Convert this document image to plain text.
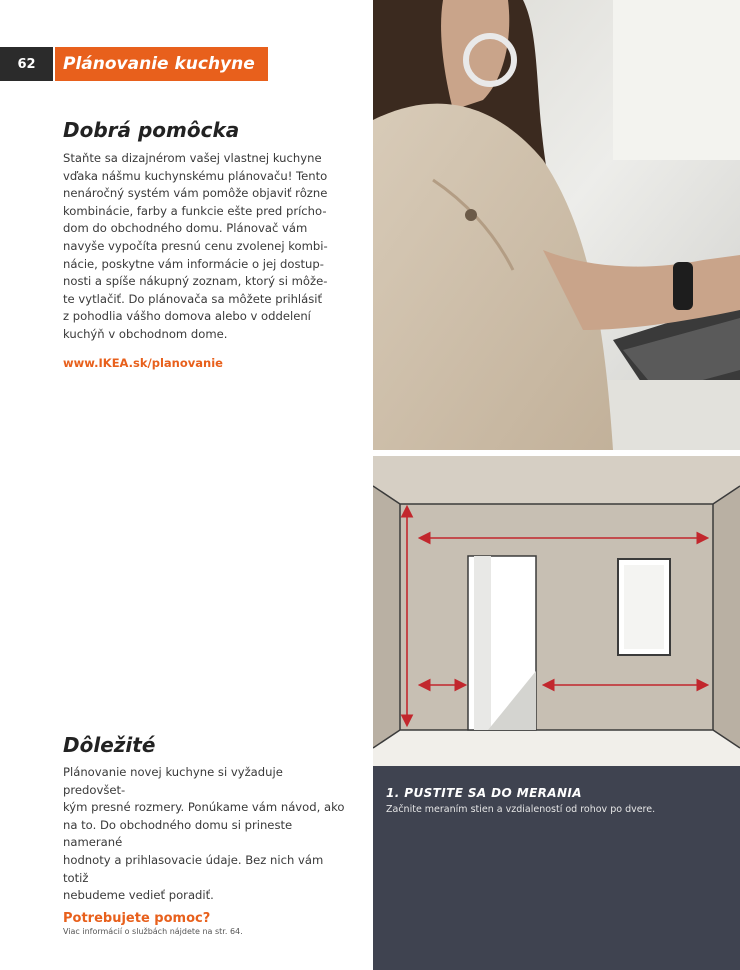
62	Plánovanie kuchyne
Dobrá pomôcka

Staňte sa dizajnérom vašej vlastnej kuchyne
vďaka nášmu kuchynskému plánovaču! Tento
nenáročný systém vám pomôže objaviť rôzne
kombinácie, farby a funkcie ešte pred prícho-
dom do obchodného domu. Plánovač vám
navyše vypočíta presnú cenu zvolenej kombi-
nácie, poskytne vám informácie o jej dostup-
nosti a spíše nákupný zoznam, ktorý si môže-
te vytlačiť. Do plánovača sa môžete prihlásiť
z pohodlia vášho domova alebo v oddelení
kuchýň v obchodnom dome.

www.IKEA.sk/planovanie
Dôležité

Plánovanie novej kuchyne si vyžaduje predovšet-
kým presné rozmery. Ponúkame vám návod, ako
na to. Do obchodného domu si prineste namerané
hodnoty a prihlasovacie údaje. Bez nich vám totiž
nebudeme vedieť poradiť.

Potrebujete pomoc?
Viac informácií o službách nájdete na str. 64.
1. PUSTITE SA DO MERANIA
Začnite meraním stien a vzdialeností od rohov po dvere.
